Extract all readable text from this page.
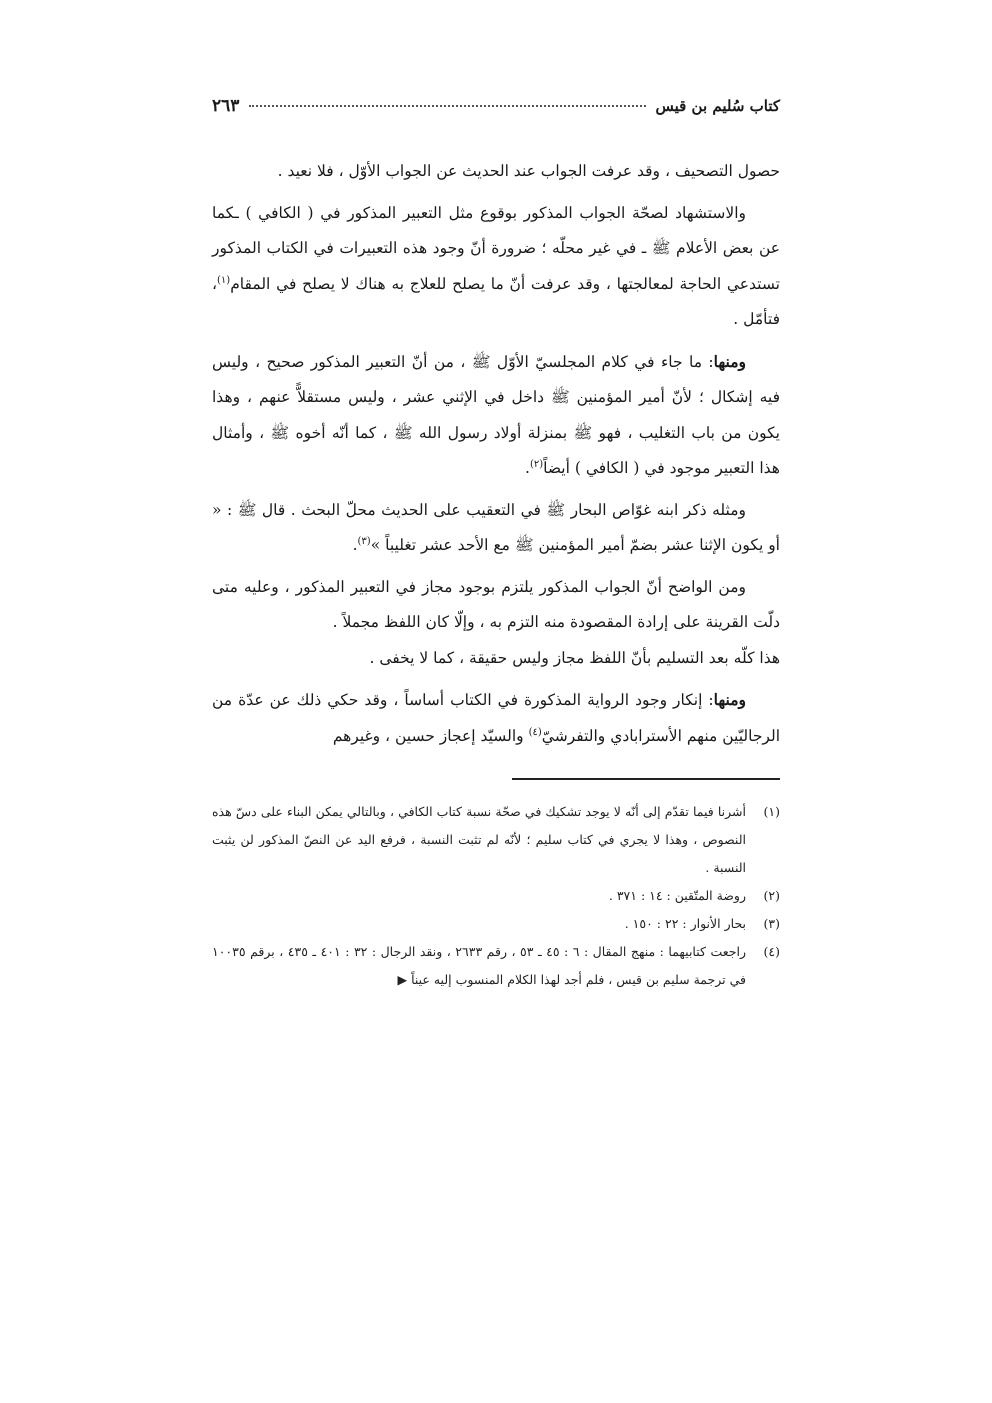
كتاب سُليم بن قيس
٢٦٣

حصول التصحيف ، وقد عرفت الجواب عند الحديث عن الجواب الأوّل ، فلا نعيد .

والاستشهاد لصحّة الجواب المذكور بوقوع مثل التعبير المذكور في ( الكافي ) ـكما عن بعض الأعلام ﷺ ـ في غير محلّه ؛ ضرورة أنّ وجود هذه التعبيرات في الكتاب المذكور تستدعي الحاجة لمعالجتها ، وقد عرفت أنّ ما يصلح للعلاج به هناك لا يصلح في المقام$^{(١)}$، فتأمّل .

ومنها: ما جاء في كلام المجلسيّ الأوّل ﷺ ، من أنّ التعبير المذكور صحيح ، وليس فيه إشكال ؛ لأنّ أمير المؤمنين ﷺ داخل في الإثني عشر ، وليس مستقلاًّ عنهم ، وهذا يكون من باب التغليب ، فهو ﷺ بمنزلة أولاد رسول الله ﷺ ، كما أنّه أخوه ﷺ ، وأمثال هذا التعبير موجود في ( الكافي ) أيضاً$^{(٢)}$.

ومثله ذكر ابنه غوّاص البحار ﷺ في التعقيب على الحديث محلّ البحث . قال ﷺ : « أو يكون الإثنا عشر بضمّ أمير المؤمنين ﷺ مع الأحد عشر تغليباً »$^{(٣)}$.

ومن الواضح أنّ الجواب المذكور يلتزم بوجود مجاز في التعبير المذكور ، وعليه متى دلّت القرينة على إرادة المقصودة منه التزم به ، وإلّا كان اللفظ مجملاً .

هذا كلّه بعد التسليم بأنّ اللفظ مجاز وليس حقيقة ، كما لا يخفى .

ومنها: إنكار وجود الرواية المذكورة في الكتاب أساساً ، وقد حكي ذلك عن عدّة من الرجاليّين منهم الأسترابادي والتفرشيّ$^{(٤)}$ والسيّد إعجاز حسين ، وغيرهم

(١)
أشرنا فيما تقدّم إلى أنّه لا يوجد تشكيك في صحّة نسبة كتاب الكافي ، وبالتالي يمكن البناء على دسّ هذه النصوص ، وهذا لا يجري في كتاب سليم ؛ لأنّه لم تثبت النسبة ، فرفع اليد عن النصّ المذكور لن يثبت النسبة .
(٢)
روضة المتّقين : ١٤ : ٣٧١ .
(٣)
بحار الأنوار : ٢٢ : ١٥٠ .
(٤)
راجعت كتابيهما : منهج المقال : ٦ : ٤٥ ـ ٥٣ ، رقم ٢٦٣٣ ، ونقد الرجال : ٣٢ : ٤٠١ ـ ٤٣٥ ، برقم ١٠٠٣٥ في ترجمة سليم بن قيس ، فلم أجد لهذا الكلام المنسوب إليه عيناً ▶
